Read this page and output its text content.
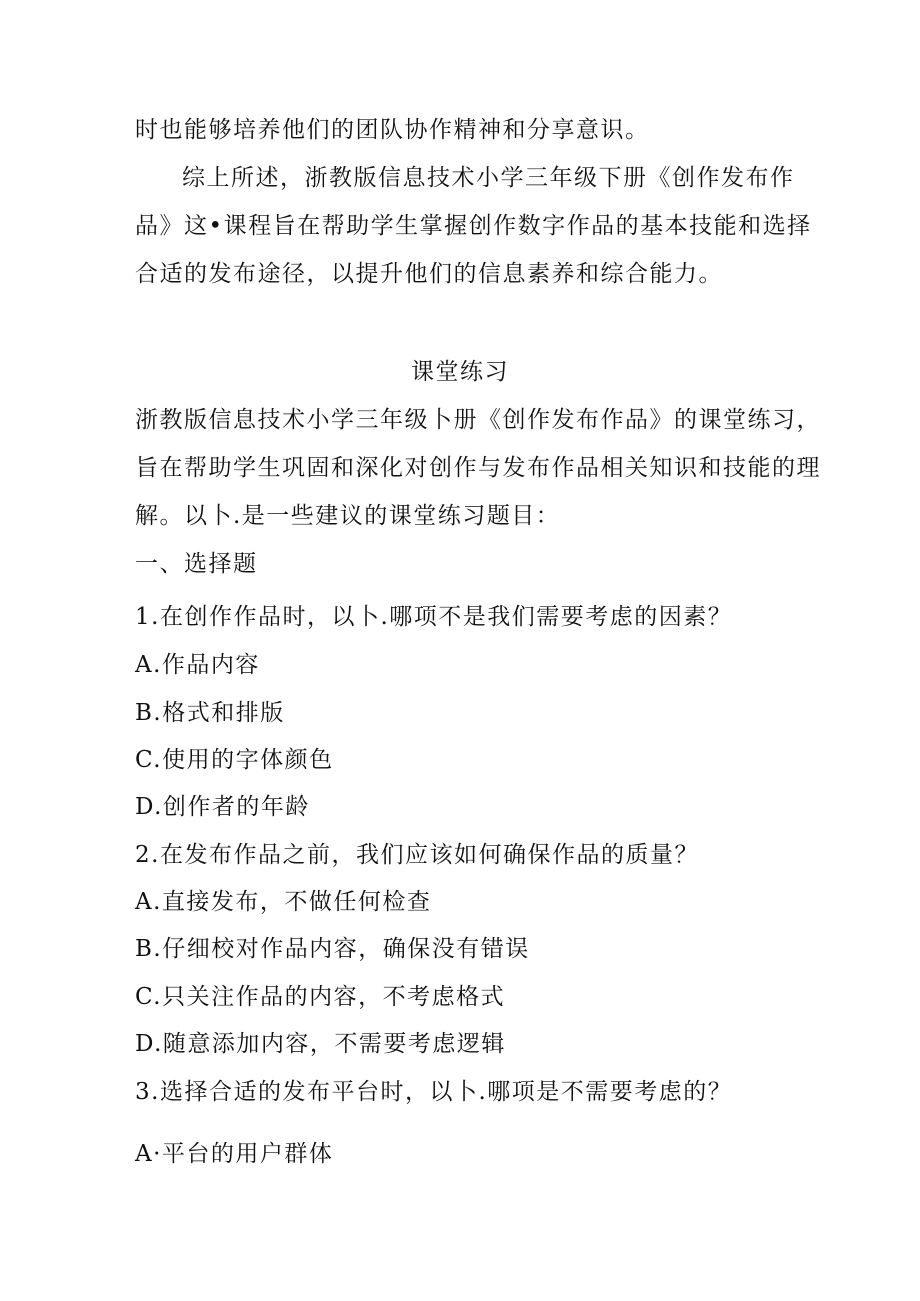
时也能够培养他们的团队协作精神和分享意识。
综上所述，浙教版信息技术小学三年级下册《创作发布作
品》这•课程旨在帮助学生掌握创作数字作品的基本技能和选择
合适的发布途径，以提升他们的信息素养和综合能力。
课堂练习
浙教版信息技术小学三年级卜册《创作发布作品》的课堂练习，
旨在帮助学生巩固和深化对创作与发布作品相关知识和技能的理
解。以卜.是一些建议的课堂练习题目：
一、选择题
1.在创作作品时，以卜.哪项不是我们需要考虑的因素？
A.作品内容
B.格式和排版
C.使用的字体颜色
D.创作者的年龄
2.在发布作品之前，我们应该如何确保作品的质量？
A.直接发布，不做任何检查
B.仔细校对作品内容，确保没有错误
C.只关注作品的内容，不考虑格式
D.随意添加内容，不需要考虑逻辑
3.选择合适的发布平台时，以卜.哪项是不需要考虑的？
A·平台的用户群体
